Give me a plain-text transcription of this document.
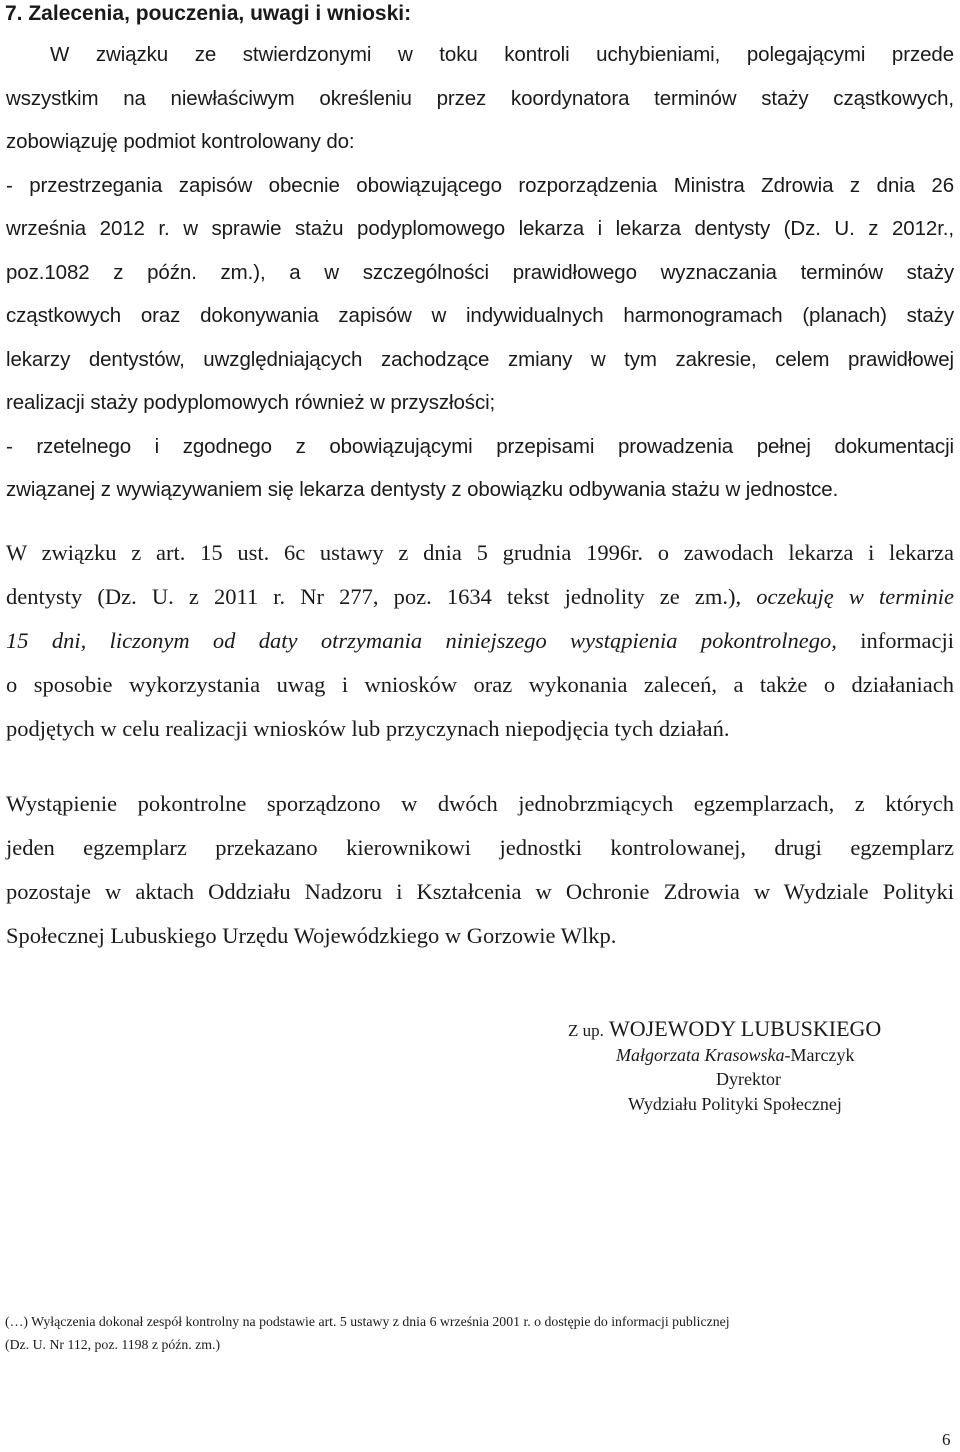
7. Zalecenia, pouczenia, uwagi i wnioski:
W związku ze stwierdzonymi w toku kontroli uchybieniami, polegającymi przede
wszystkim na niewłaściwym określeniu przez koordynatora terminów staży cząstkowych,
zobowiązuję podmiot kontrolowany do:
- przestrzegania zapisów obecnie obowiązującego rozporządzenia Ministra Zdrowia z dnia 26
września 2012 r. w sprawie stażu podyplomowego lekarza i lekarza dentysty (Dz. U. z 2012r.,
poz.1082 z późn. zm.), a w szczególności prawidłowego wyznaczania terminów staży
cząstkowych oraz dokonywania zapisów w indywidualnych harmonogramach (planach) staży
lekarzy dentystów, uwzględniających zachodzące zmiany w tym zakresie, celem prawidłowej
realizacji staży podyplomowych również w przyszłości;
- rzetelnego i zgodnego z obowiązującymi przepisami prowadzenia pełnej dokumentacji
związanej z wywiązywaniem się lekarza dentysty z obowiązku odbywania stażu w jednostce.
W związku z art. 15 ust. 6c ustawy z dnia 5 grudnia 1996r. o zawodach lekarza i lekarza
dentysty (Dz. U. z 2011 r. Nr 277, poz. 1634 tekst jednolity ze zm.), oczekuję w terminie
15 dni, liczonym od daty otrzymania niniejszego wystąpienia pokontrolnego, informacji
o sposobie wykorzystania uwag i wniosków oraz wykonania zaleceń, a także o działaniach
podjętych w celu realizacji wniosków lub przyczynach niepodjęcia tych działań.
Wystąpienie pokontrolne sporządzono w dwóch jednobrzmiących egzemplarzach, z których
jeden egzemplarz przekazano kierownikowi jednostki kontrolowanej, drugi egzemplarz
pozostaje w aktach Oddziału Nadzoru i Kształcenia w Ochronie Zdrowia w Wydziale Polityki
Społecznej Lubuskiego Urzędu Wojewódzkiego w Gorzowie Wlkp.
Z up. WOJEWODY LUBUSKIEGO
Małgorzata Krasowska-Marczyk
Dyrektor
Wydziału Polityki Społecznej
(…) Wyłączenia dokonał zespół kontrolny na podstawie art. 5 ustawy z dnia 6 września 2001 r. o dostępie do informacji publicznej
(Dz. U. Nr 112, poz. 1198 z późn. zm.)
6
